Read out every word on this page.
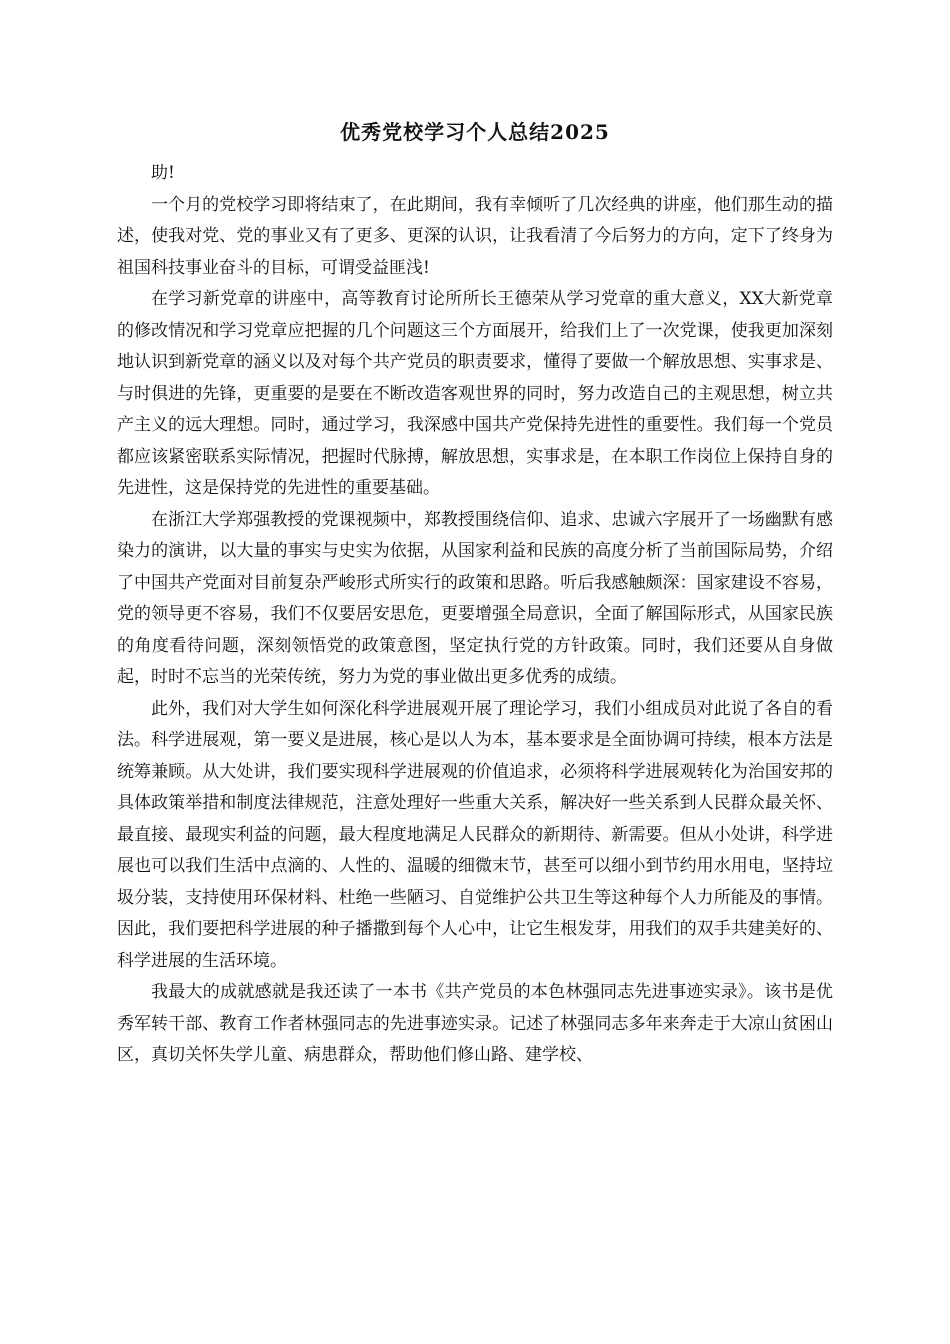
优秀党校学习个人总结2025

助!

一个月的党校学习即将结束了，在此期间，我有幸倾听了几次经典的讲座，他们那生动的描述，使我对党、党的事业又有了更多、更深的认识，让我看清了今后努力的方向，定下了终身为祖国科技事业奋斗的目标，可谓受益匪浅!

在学习新党章的讲座中，高等教育讨论所所长王德荣从学习党章的重大意义，XX大新党章的修改情况和学习党章应把握的几个问题这三个方面展开，给我们上了一次党课，使我更加深刻地认识到新党章的涵义以及对每个共产党员的职责要求，懂得了要做一个解放思想、实事求是、与时俱进的先锋，更重要的是要在不断改造客观世界的同时，努力改造自己的主观思想，树立共产主义的远大理想。同时，通过学习，我深感中国共产党保持先进性的重要性。我们每一个党员都应该紧密联系实际情况，把握时代脉搏，解放思想，实事求是，在本职工作岗位上保持自身的先进性，这是保持党的先进性的重要基础。

在浙江大学郑强教授的党课视频中，郑教授围绕信仰、追求、忠诚六字展开了一场幽默有感染力的演讲，以大量的事实与史实为依据，从国家利益和民族的高度分析了当前国际局势，介绍了中国共产党面对目前复杂严峻形式所实行的政策和思路。听后我感触颇深：国家建设不容易，党的领导更不容易，我们不仅要居安思危，更要增强全局意识，全面了解国际形式，从国家民族的角度看待问题，深刻领悟党的政策意图，坚定执行党的方针政策。同时，我们还要从自身做起，时时不忘当的光荣传统，努力为党的事业做出更多优秀的成绩。

此外，我们对大学生如何深化科学进展观开展了理论学习，我们小组成员对此说了各自的看法。科学进展观，第一要义是进展，核心是以人为本，基本要求是全面协调可持续，根本方法是统筹兼顾。从大处讲，我们要实现科学进展观的价值追求，必须将科学进展观转化为治国安邦的具体政策举措和制度法律规范，注意处理好一些重大关系，解决好一些关系到人民群众最关怀、最直接、最现实利益的问题，最大程度地满足人民群众的新期待、新需要。但从小处讲，科学进展也可以我们生活中点滴的、人性的、温暖的细微末节，甚至可以细小到节约用水用电，坚持垃圾分装，支持使用环保材料、杜绝一些陋习、自觉维护公共卫生等这种每个人力所能及的事情。因此，我们要把科学进展的种子播撒到每个人心中，让它生根发芽，用我们的双手共建美好的、科学进展的生活环境。

我最大的成就感就是我还读了一本书《共产党员的本色林强同志先进事迹实录》。该书是优秀军转干部、教育工作者林强同志的先进事迹实录。记述了林强同志多年来奔走于大凉山贫困山区，真切关怀失学儿童、病患群众，帮助他们修山路、建学校、
